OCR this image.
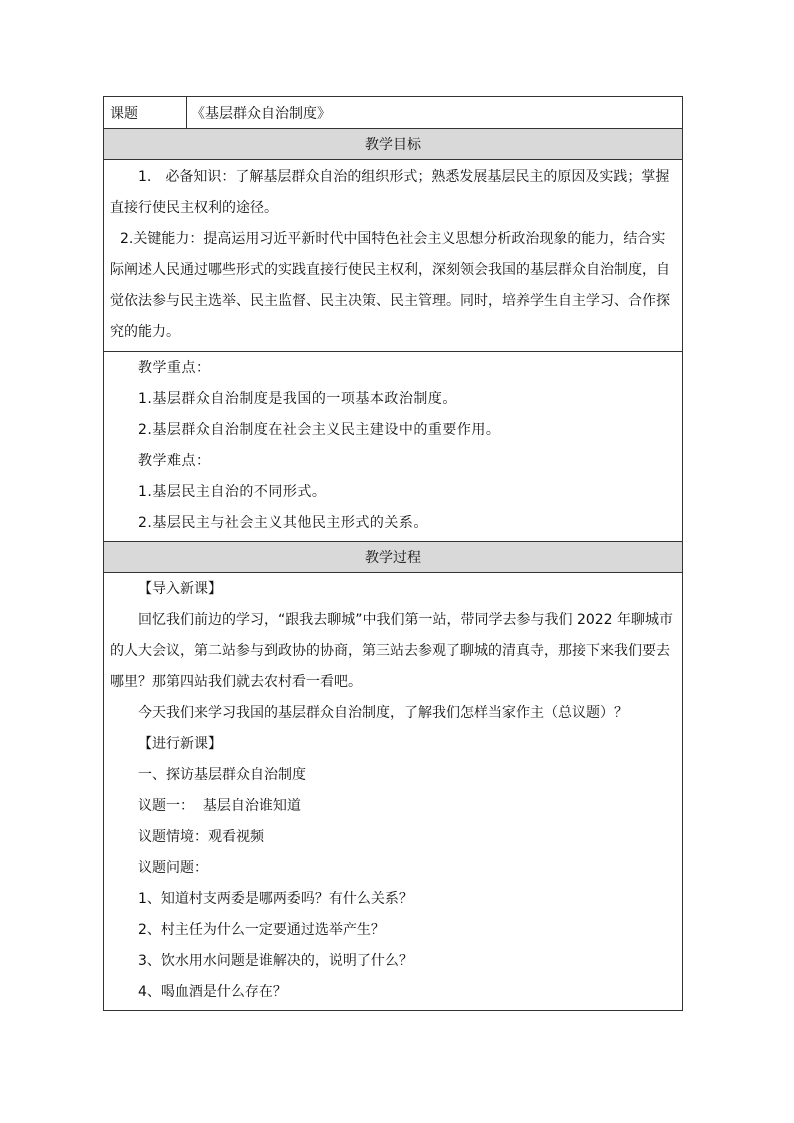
课题	《基层群众自治制度》
教学目标

1.　必备知识：了解基层群众自治的组织形式；熟悉发展基层民主的原因及实践；掌握直接行使民主权利的途径。

2.关键能力：提高运用习近平新时代中国特色社会主义思想分析政治现象的能力，结合实际阐述人民通过哪些形式的实践直接行使民主权利，深刻领会我国的基层群众自治制度，自觉依法参与民主选举、民主监督、民主决策、民主管理。同时，培养学生自主学习、合作探究的能力。

教学重点：

1.基层群众自治制度是我国的一项基本政治制度。

2.基层群众自治制度在社会主义民主建设中的重要作用。

教学难点：

1.基层民主自治的不同形式。

2.基层民主与社会主义其他民主形式的关系。

教学过程

【导入新课】

回忆我们前边的学习，“跟我去聊城”中我们第一站，带同学去参与我们 2022 年聊城市的人大会议，第二站参与到政协的协商，第三站去参观了聊城的清真寺，那接下来我们要去哪里？那第四站我们就去农村看一看吧。

今天我们来学习我国的基层群众自治制度，了解我们怎样当家作主（总议题）？

【进行新课】

一、探访基层群众自治制度

议题一：  基层自治谁知道

议题情境：观看视频

议题问题：

1、知道村支两委是哪两委吗？有什么关系？

2、村主任为什么一定要通过选举产生？

3、饮水用水问题是谁解决的，说明了什么？

4、喝血酒是什么存在？
